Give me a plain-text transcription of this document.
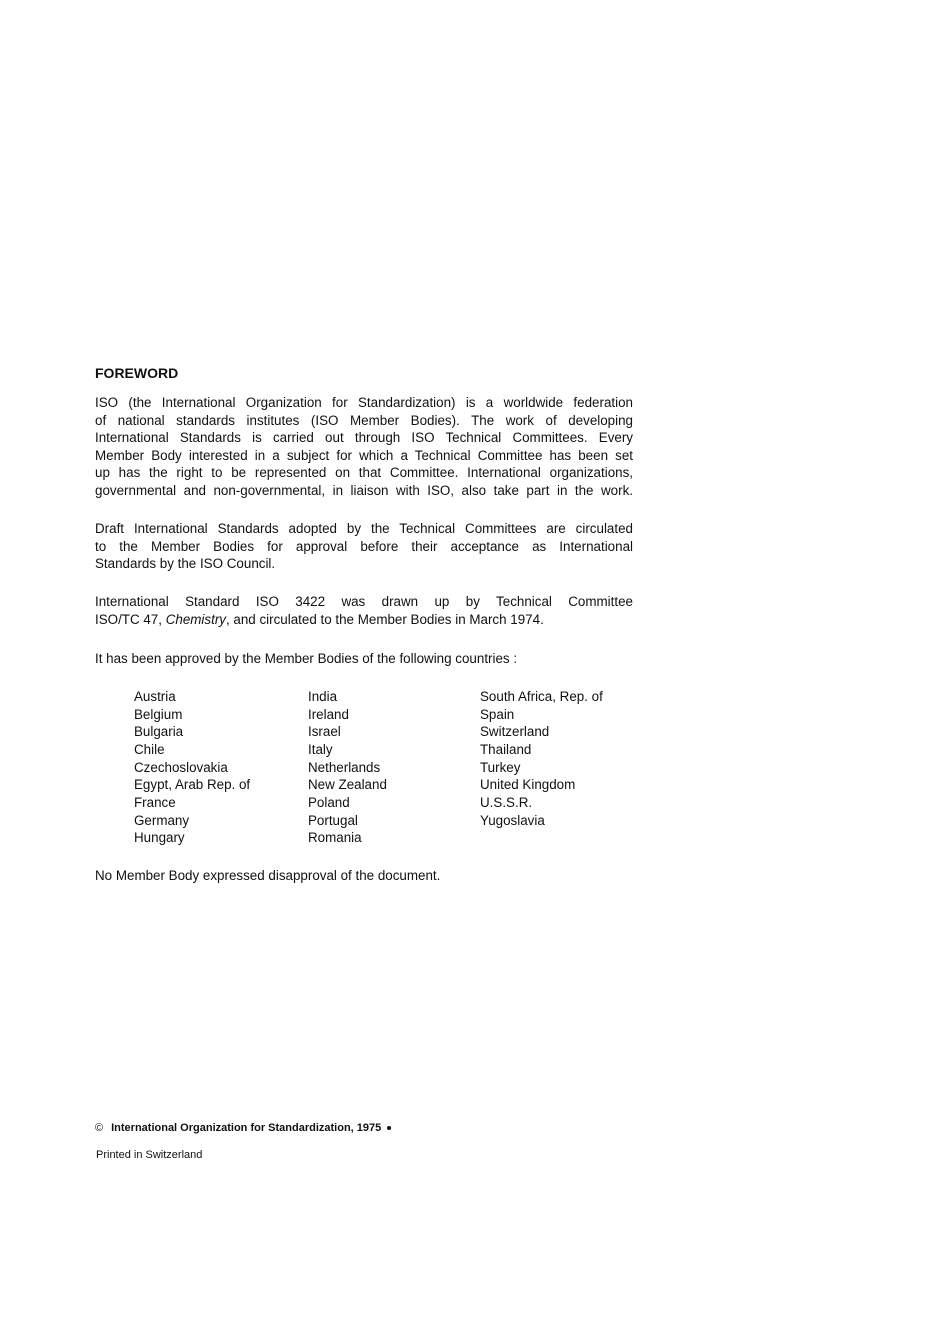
FOREWORD
ISO (the International Organization for Standardization) is a worldwide federation
of national standards institutes (ISO Member Bodies). The work of developing
International Standards is carried out through ISO Technical Committees. Every
Member Body interested in a subject for which a Technical Committee has been set
up has the right to be represented on that Committee. International organizations,
governmental and non-governmental, in liaison with ISO, also take part in the work.
Draft International Standards adopted by the Technical Committees are circulated
to the Member Bodies for approval before their acceptance as International
Standards by the ISO Council.
International Standard ISO 3422 was drawn up by Technical Committee
ISO/TC 47, Chemistry, and circulated to the Member Bodies in March 1974.
It has been approved by the Member Bodies of the following countries :
Austria
Belgium
Bulgaria
Chile
Czechoslovakia
Egypt, Arab Rep. of
France
Germany
Hungary
India
Ireland
Israel
Italy
Netherlands
New Zealand
Poland
Portugal
Romania
South Africa, Rep. of
Spain
Switzerland
Thailand
Turkey
United Kingdom
U.S.S.R.
Yugoslavia
No Member Body expressed disapproval of the document.
© International Organization for Standardization, 1975
Printed in Switzerland
